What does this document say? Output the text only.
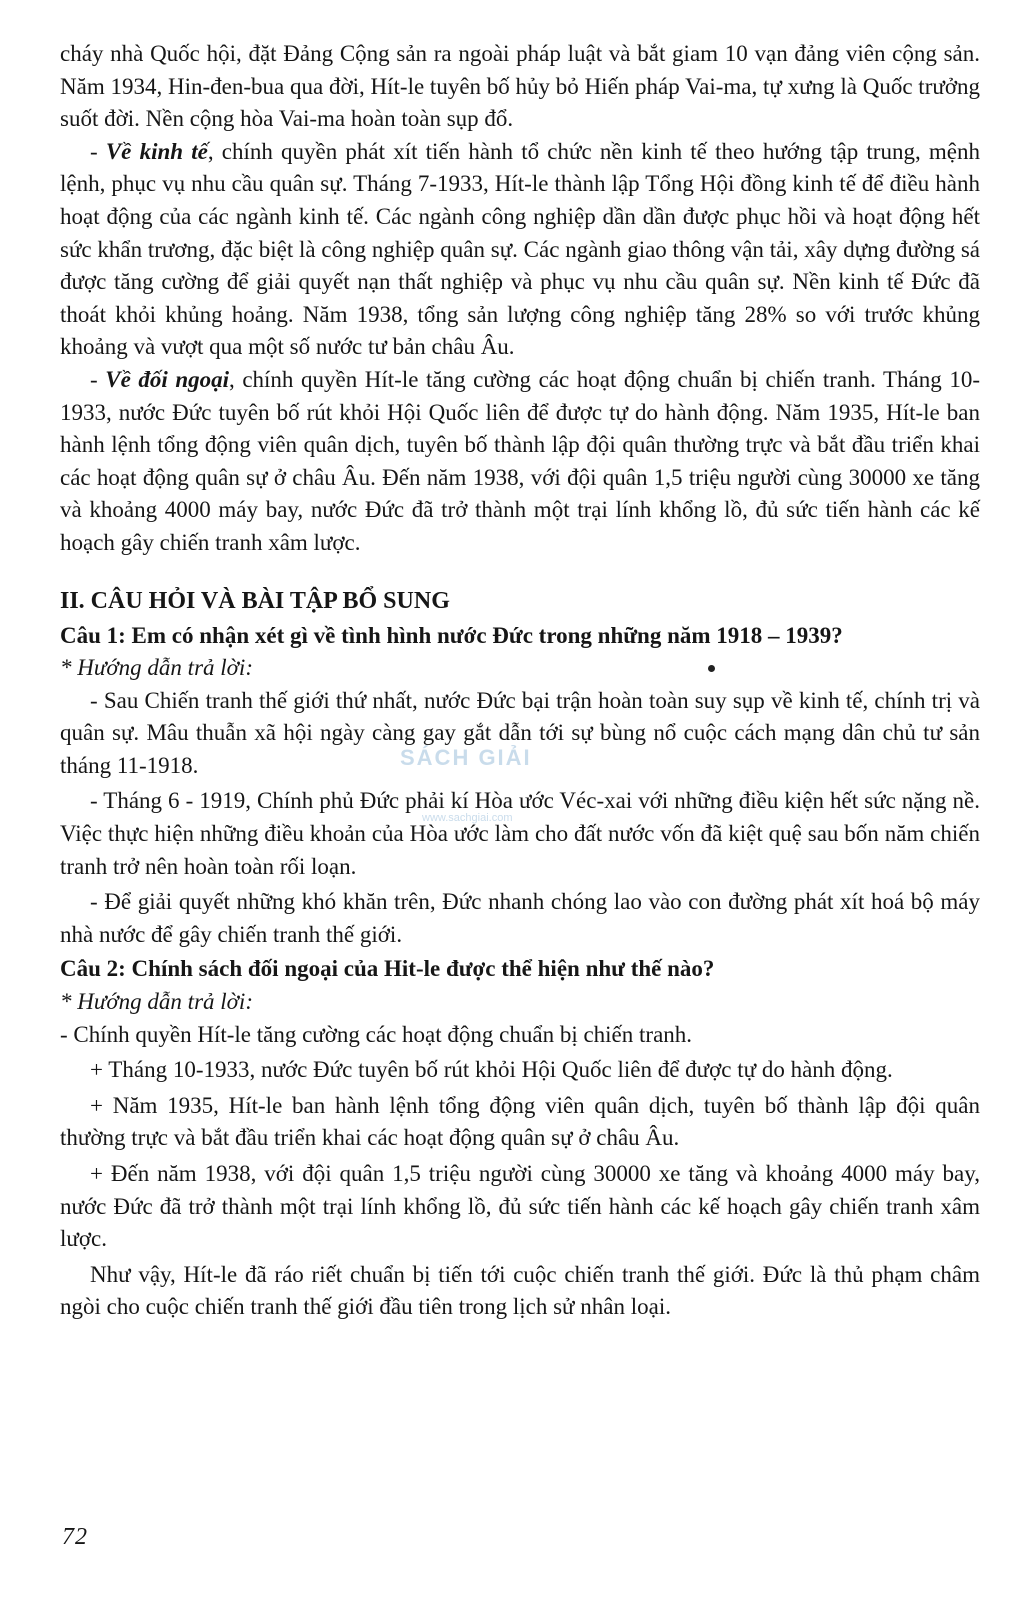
cháy nhà Quốc hội, đặt Đảng Cộng sản ra ngoài pháp luật và bắt giam 10 vạn đảng viên cộng sản. Năm 1934, Hin-đen-bua qua đời, Hít-le tuyên bố hủy bỏ Hiến pháp Vai-ma, tự xưng là Quốc trưởng suốt đời. Nền cộng hòa Vai-ma hoàn toàn sụp đổ.

- Về kinh tế, chính quyền phát xít tiến hành tổ chức nền kinh tế theo hướng tập trung, mệnh lệnh, phục vụ nhu cầu quân sự. Tháng 7-1933, Hít-le thành lập Tổng Hội đồng kinh tế để điều hành hoạt động của các ngành kinh tế. Các ngành công nghiệp dần dần được phục hồi và hoạt động hết sức khẩn trương, đặc biệt là công nghiệp quân sự. Các ngành giao thông vận tải, xây dựng đường sá được tăng cường để giải quyết nạn thất nghiệp và phục vụ nhu cầu quân sự. Nền kinh tế Đức đã thoát khỏi khủng hoảng. Năm 1938, tổng sản lượng công nghiệp tăng 28% so với trước khủng khoảng và vượt qua một số nước tư bản châu Âu.

- Về đối ngoại, chính quyền Hít-le tăng cường các hoạt động chuẩn bị chiến tranh. Tháng 10-1933, nước Đức tuyên bố rút khỏi Hội Quốc liên để được tự do hành động. Năm 1935, Hít-le ban hành lệnh tổng động viên quân dịch, tuyên bố thành lập đội quân thường trực và bắt đầu triển khai các hoạt động quân sự ở châu Âu. Đến năm 1938, với đội quân 1,5 triệu người cùng 30000 xe tăng và khoảng 4000 máy bay, nước Đức đã trở thành một trại lính khổng lồ, đủ sức tiến hành các kế hoạch gây chiến tranh xâm lược.

II. CÂU HỎI VÀ BÀI TẬP BỔ SUNG

Câu 1: Em có nhận xét gì về tình hình nước Đức trong những năm 1918 – 1939?

* Hướng dẫn trả lời:

- Sau Chiến tranh thế giới thứ nhất, nước Đức bại trận hoàn toàn suy sụp về kinh tế, chính trị và quân sự. Mâu thuẫn xã hội ngày càng gay gắt dẫn tới sự bùng nổ cuộc cách mạng dân chủ tư sản tháng 11-1918.

- Tháng 6 - 1919, Chính phủ Đức phải kí Hòa ước Véc-xai với những điều kiện hết sức nặng nề. Việc thực hiện những điều khoản của Hòa ước làm cho đất nước vốn đã kiệt quệ sau bốn năm chiến tranh trở nên hoàn toàn rối loạn.

- Để giải quyết những khó khăn trên, Đức nhanh chóng lao vào con đường phát xít hoá bộ máy nhà nước để gây chiến tranh thế giới.

Câu 2: Chính sách đối ngoại của Hit-le được thể hiện như thế nào?

* Hướng dẫn trả lời:

- Chính quyền Hít-le tăng cường các hoạt động chuẩn bị chiến tranh.

+ Tháng 10-1933, nước Đức tuyên bố rút khỏi Hội Quốc liên để được tự do hành động.

+ Năm 1935, Hít-le ban hành lệnh tổng động viên quân dịch, tuyên bố thành lập đội quân thường trực và bắt đầu triển khai các hoạt động quân sự ở châu Âu.

+ Đến năm 1938, với đội quân 1,5 triệu người cùng 30000 xe tăng và khoảng 4000 máy bay, nước Đức đã trở thành một trại lính khổng lồ, đủ sức tiến hành các kế hoạch gây chiến tranh xâm lược.

Như vậy, Hít-le đã ráo riết chuẩn bị tiến tới cuộc chiến tranh thế giới. Đức là thủ phạm châm ngòi cho cuộc chiến tranh thế giới đầu tiên trong lịch sử nhân loại.

SÁCH GIẢI
www.sachgiai.com
72
